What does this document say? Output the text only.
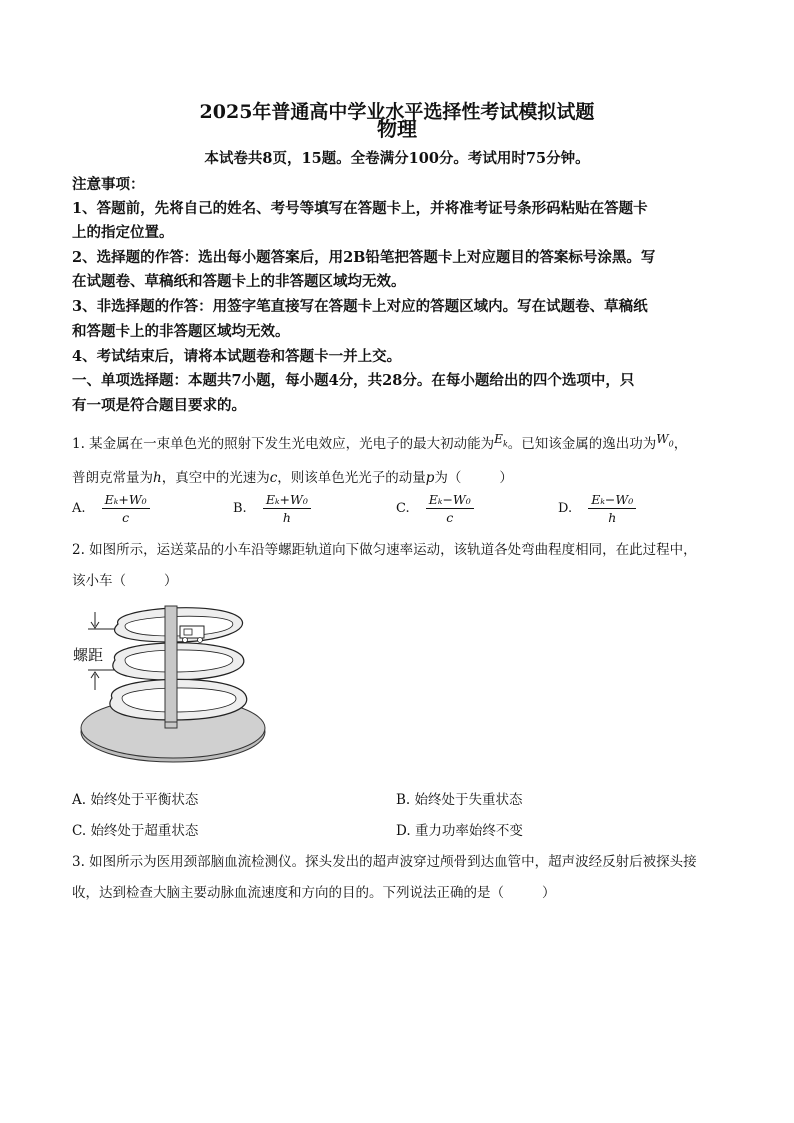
2025年普通高中学业水平选择性考试模拟试题
物理
本试卷共8页，15题。全卷满分100分。考试用时75分钟。
注意事项：
1、答题前，先将自己的姓名、考号等填写在答题卡上，并将准考证号条形码粘贴在答题卡
上的指定位置。
2、选择题的作答：选出每小题答案后，用2B铅笔把答题卡上对应题目的答案标号涂黑。写
在试题卷、草稿纸和答题卡上的非答题区域均无效。
3、非选择题的作答：用签字笔直接写在答题卡上对应的答题区域内。写在试题卷、草稿纸
和答题卡上的非答题区域均无效。
4、考试结束后，请将本试题卷和答题卡一并上交。
一、单项选择题：本题共7小题，每小题4分，共28分。在每小题给出的四个选项中，只
有一项是符合题目要求的。
1. 某金属在一束单色光的照射下发生光电效应，光电子的最大初动能为$E_k$。已知该金属的逸出功为$W_0$，
普朗克常量为h，真空中的光速为c，则该单色光光子的动量p为（	）
A. $\frac{\text{Eₖ+W₀}}{c}$	B. $\frac{\text{Eₖ+W₀}}{h}$	C. $\frac{\text{Eₖ−W₀}}{c}$	D. $\frac{\text{Eₖ−W₀}}{h}$
2. 如图所示，运送菜品的小车沿等螺距轨道向下做匀速率运动，该轨道各处弯曲程度相同，在此过程中，
该小车（	）
螺距
A. 始终处于平衡状态	B. 始终处于失重状态
C. 始终处于超重状态	D. 重力功率始终不变
3. 如图所示为医用颈部脑血流检测仪。探头发出的超声波穿过颅骨到达血管中，超声波经反射后被探头接
收，达到检查大脑主要动脉血流速度和方向的目的。下列说法正确的是（	）
